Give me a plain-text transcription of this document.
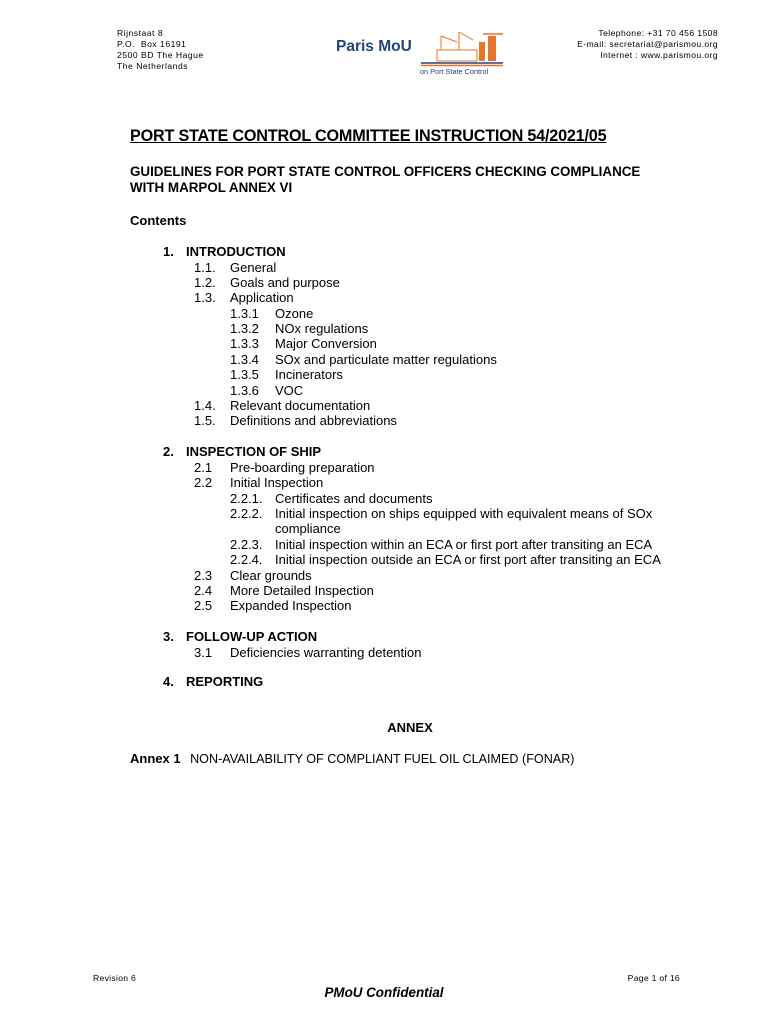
Rijnstaat 8
P.O.  Box 16191
2500 BD The Hague
The Netherlands
Paris MoU
on Port State Control
Telephone: +31 70 456 1508
E-mail: secretariat@parismou.org
Internet : www.parismou.org
PORT STATE CONTROL COMMITTEE INSTRUCTION 54/2021/05
GUIDELINES FOR PORT STATE CONTROL OFFICERS CHECKING COMPLIANCE WITH MARPOL ANNEX VI
Contents
1. INTRODUCTION
1.1. General
1.2. Goals and purpose
1.3. Application
1.3.1 Ozone
1.3.2 NOx regulations
1.3.3 Major Conversion
1.3.4 SOx and particulate matter regulations
1.3.5 Incinerators
1.3.6 VOC
1.4. Relevant documentation
1.5. Definitions and abbreviations
2. INSPECTION OF SHIP
2.1 Pre-boarding preparation
2.2 Initial Inspection
2.2.1. Certificates and documents
2.2.2. Initial inspection on ships equipped with equivalent means of SOx
compliance
2.2.3. Initial inspection within an ECA or first port after transiting an ECA
2.2.4. Initial inspection outside an ECA or first port after transiting an ECA
2.3 Clear grounds
2.4 More Detailed Inspection
2.5 Expanded Inspection
3. FOLLOW-UP ACTION
3.1 Deficiencies warranting detention
4. REPORTING
ANNEX
Annex 1 NON-AVAILABILITY OF COMPLIANT FUEL OIL CLAIMED (FONAR)
Revision 6	Page 1 of 16
PMoU Confidential
